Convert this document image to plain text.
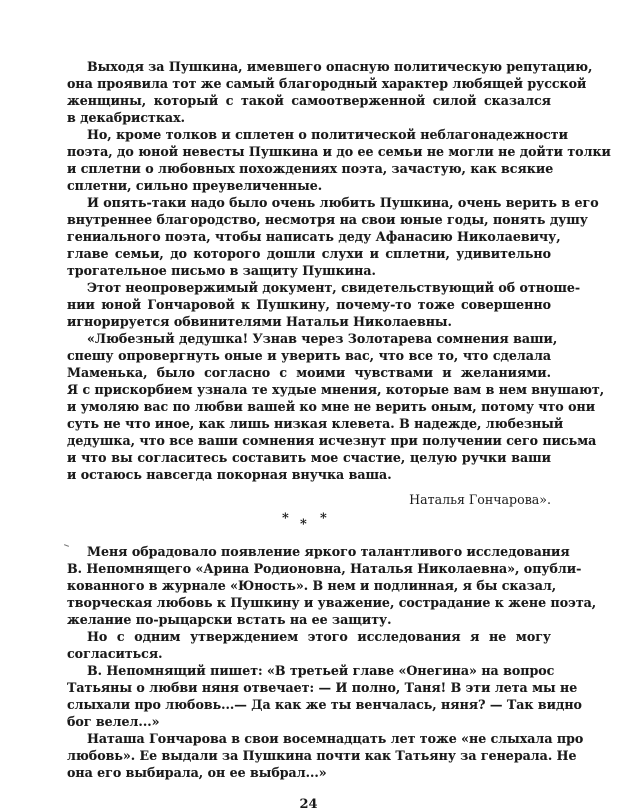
Выходя за Пушкина, имевшего опасную политическую репутацию,
она проявила тот же самый благородный характер любящей русской
женщины, который с такой самоотверженной силой сказался
в декабристках.
Но, кроме толков и сплетен о политической неблагонадежности
поэта, до юной невесты Пушкина и до ее семьи не могли не дойти толки
и сплетни о любовных похождениях поэта, зачастую, как всякие
сплетни, сильно преувеличенные.
И опять-таки надо было очень любить Пушкина, очень верить в его
внутреннее благородство, несмотря на свои юные годы, понять душу
гениального поэта, чтобы написать деду Афанасию Николаевичу,
главе семьи, до которого дошли слухи и сплетни, удивительно
трогательное письмо в защиту Пушкина.
Этот неопровержимый документ, свидетельствующий об отноше-
нии юной Гончаровой к Пушкину, почему-то тоже совершенно
игнорируется обвинителями Натальи Николаевны.
«Любезный дедушка! Узнав через Золотарева сомнения ваши,
спешу опровергнуть оные и уверить вас, что все то, что сделала
Маменька, было согласно с моими чувствами и желаниями.
Я с прискорбием узнала те худые мнения, которые вам в нем внушают,
и умоляю вас по любви вашей ко мне не верить оным, потому что они
суть не что иное, как лишь низкая клевета. В надежде, любезный
дедушка, что все ваши сомнения исчезнут при получении сего письма
и что вы согласитесь составить мое счастие, целую ручки ваши
и остаюсь навсегда покорная внучка ваша.
Наталья Гончарова».
* * *
Меня обрадовало появление яркого талантливого исследования
В. Непомнящего «Арина Родионовна, Наталья Николаевна», опубли-
кованного в журнале «Юность». В нем и подлинная, я бы сказал,
творческая любовь к Пушкину и уважение, сострадание к жене поэта,
желание по-рыцарски встать на ее защиту.
Но с одним утверждением этого исследования я не могу
согласиться.
В. Непомнящий пишет: «В третьей главе «Онегина» на вопрос
Татьяны о любви няня отвечает: — И полно, Таня! В эти лета мы не
слыхали про любовь...— Да как же ты венчалась, няня? — Так видно
бог велел...»
Наташа Гончарова в свои восемнадцать лет тоже «не слыхала про
любовь». Ее выдали за Пушкина почти как Татьяну за генерала. Не
она его выбирала, он ее выбрал...»
24
